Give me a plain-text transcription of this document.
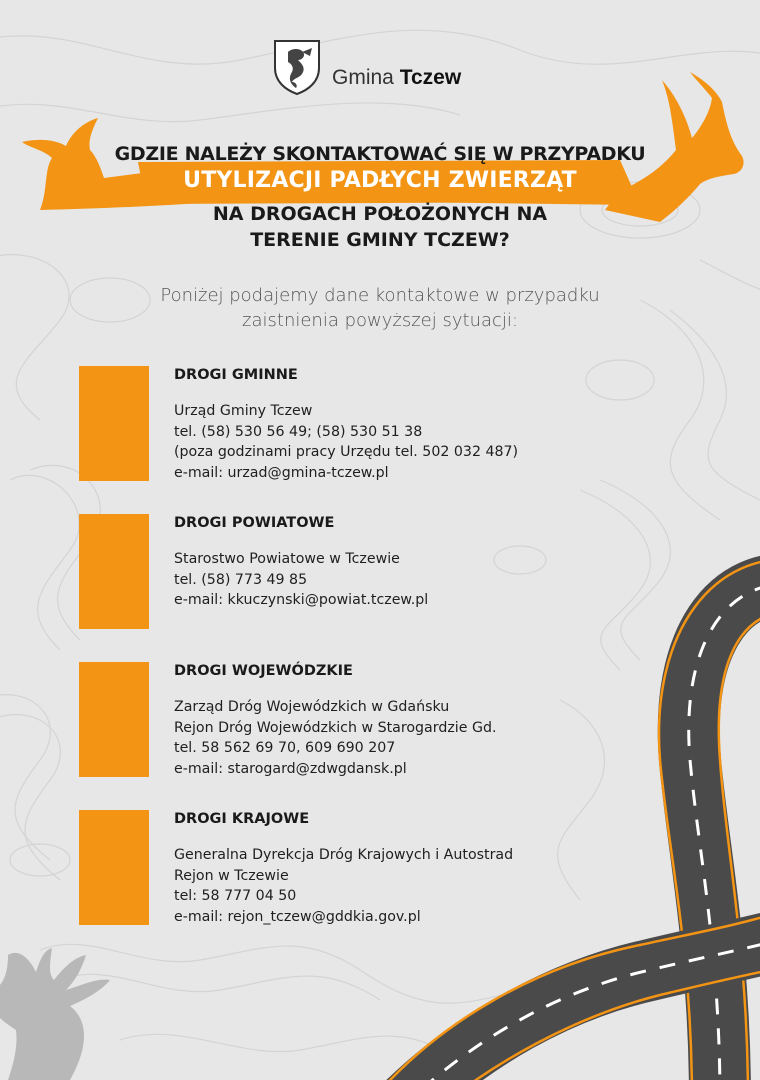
Gmina Tczew
GDZIE NALEŻY SKONTAKTOWAĆ SIĘ W PRZYPADKU
UTYLIZACJI PADŁYCH ZWIERZĄT
NA DROGACH POŁOŻONYCH NA
TERENIE GMINY TCZEW?
Poniżej podajemy dane kontaktowe w przypadku
zaistnienia powyższej sytuacji:
DROGI GMINNE
Urząd Gminy Tczew
tel. (58) 530 56 49; (58) 530 51 38
(poza godzinami pracy Urzędu tel. 502 032 487)
e-mail: urzad@gmina-tczew.pl
DROGI POWIATOWE
Starostwo Powiatowe w Tczewie
tel. (58) 773 49 85
e-mail: kkuczynski@powiat.tczew.pl
DROGI WOJEWÓDZKIE
Zarząd Dróg Wojewódzkich w Gdańsku
Rejon Dróg Wojewódzkich w Starogardzie Gd.
tel. 58 562 69 70, 609 690 207
e-mail: starogard@zdwgdansk.pl
DROGI KRAJOWE
Generalna Dyrekcja Dróg Krajowych i Autostrad
Rejon w Tczewie
tel: 58 777 04 50
e-mail: rejon_tczew@gddkia.gov.pl
